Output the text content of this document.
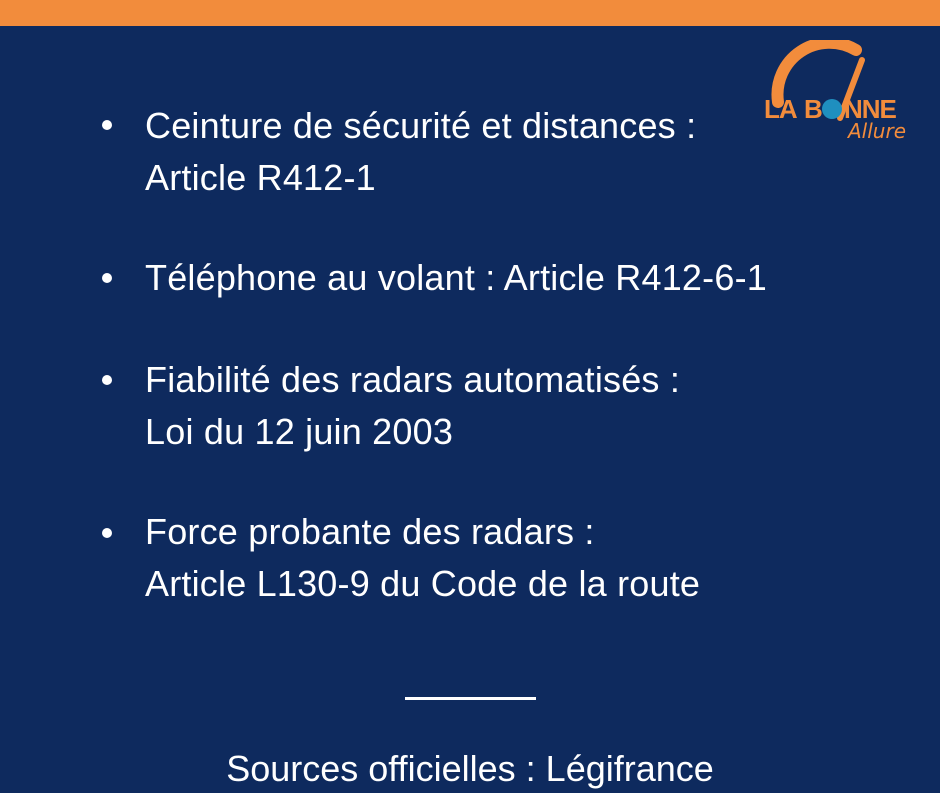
LA B NNE
Allure
Ceinture de sécurité et distances :
Article R412-1
Téléphone au volant : Article R412-6-1
Fiabilité des radars automatisés :
Loi du 12 juin 2003
Force probante des radars :
Article L130-9 du Code de la route
Sources officielles : Légifrance
